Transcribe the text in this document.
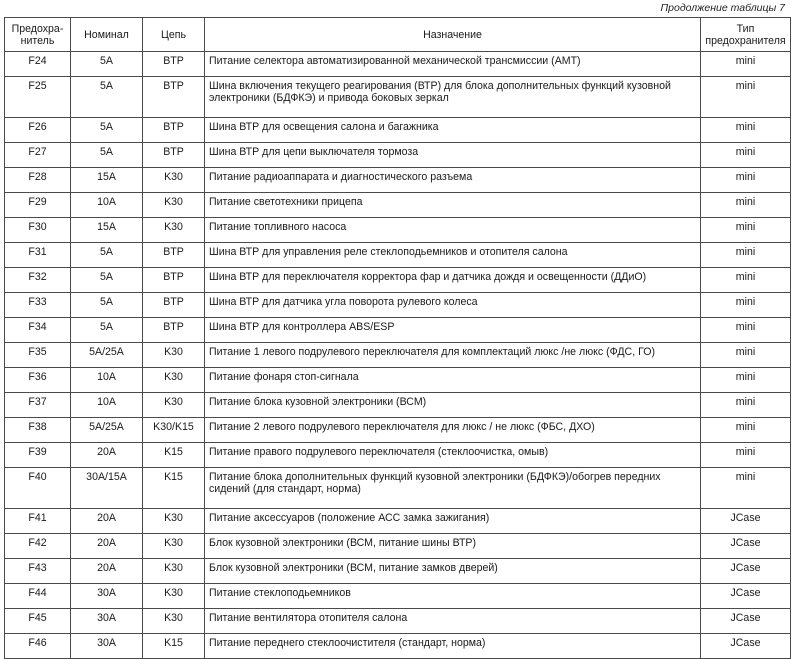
Продолжение таблицы 7
Предохра-нитель	Номинал	Цепь	Назначение	Тип предохранителя
F24	5A	BTP	Питание селектора автоматизированной механической трансмиссии (АМТ)	mini
F25	5A	BTP	Шина включения текущего реагирования (ВТР) для блока дополнительных функций кузовной электроники (БДФКЭ) и привода боковых зеркал	mini
F26	5A	BTP	Шина ВТР для освещения салона и багажника	mini
F27	5A	BTP	Шина ВТР для цепи выключателя тормоза	mini
F28	15A	K30	Питание радиоаппарата и диагностического разъема	mini
F29	10A	K30	Питание светотехники прицепа	mini
F30	15A	K30	Питание топливного насоса	mini
F31	5A	BTP	Шина ВТР для управления реле стеклоподьемников и отопителя салона	mini
F32	5A	BTP	Шина ВТР для переключателя корректора фар и датчика дождя и освещенности (ДДиО)	mini
F33	5A	BTP	Шина ВТР для датчика угла поворота рулевого колеса	mini
F34	5A	BTP	Шина ВТР для контроллера ABS/ESP	mini
F35	5A/25A	K30	Питание 1 левого подрулевого переключателя для комплектаций люкс /не люкс (ФДС, ГО)	mini
F36	10A	K30	Питание фонаря стоп-сигнала	mini
F37	10A	K30	Питание блока кузовной электроники (ВСМ)	mini
F38	5A/25A	K30/K15	Питание 2 левого подрулевого переключателя для люкс / не люкс (ФБС, ДХО)	mini
F39	20A	K15	Питание правого подрулевого переключателя (стеклоочистка, омыв)	mini
F40	30A/15A	K15	Питание блока дополнительных функций кузовной электроники (БДФКЭ)/обогрев передних сидений (для стандарт, норма)	mini
F41	20A	K30	Питание аксессуаров (положение АСС замка зажигания)	JCase
F42	20A	K30	Блок кузовной электроники (ВСМ, питание шины ВТР)	JCase
F43	20A	K30	Блок кузовной электроники (ВСМ, питание замков дверей)	JCase
F44	30A	K30	Питание стеклоподьемников	JCase
F45	30A	K30	Питание вентилятора отопителя салона	JCase
F46	30A	K15	Питание переднего стеклоочистителя (стандарт, норма)	JCase
